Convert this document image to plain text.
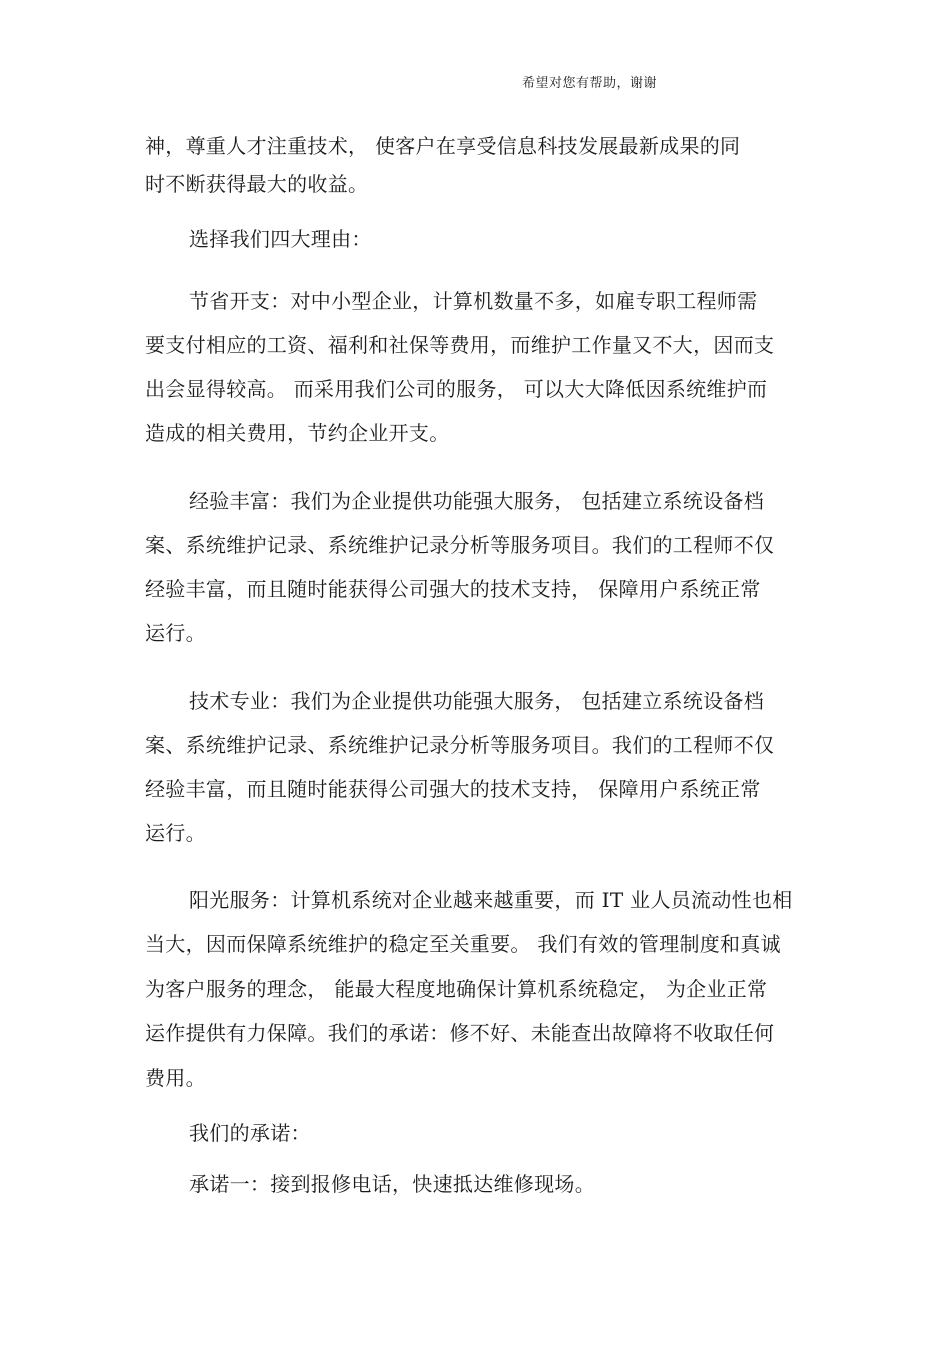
希望对您有帮助，谢谢
神，尊重人才注重技术， 使客户在享受信息科技发展最新成果的同
时不断获得最大的收益。
选择我们四大理由：
节省开支：对中小型企业，计算机数量不多，如雇专职工程师需
要支付相应的工资、福利和社保等费用，而维护工作量又不大，因而支
出会显得较高。 而采用我们公司的服务， 可以大大降低因系统维护而
造成的相关费用，节约企业开支。
经验丰富：我们为企业提供功能强大服务， 包括建立系统设备档
案、系统维护记录、系统维护记录分析等服务项目。我们的工程师不仅
经验丰富，而且随时能获得公司强大的技术支持， 保障用户系统正常
运行。
技术专业：我们为企业提供功能强大服务， 包括建立系统设备档
案、系统维护记录、系统维护记录分析等服务项目。我们的工程师不仅
经验丰富，而且随时能获得公司强大的技术支持， 保障用户系统正常
运行。
阳光服务：计算机系统对企业越来越重要，而 IT 业人员流动性也相
当大，因而保障系统维护的稳定至关重要。 我们有效的管理制度和真诚
为客户服务的理念， 能最大程度地确保计算机系统稳定， 为企业正常
运作提供有力保障。我们的承诺：修不好、未能查出故障将不收取任何
费用。
我们的承诺：
承诺一：接到报修电话，快速抵达维修现场。
